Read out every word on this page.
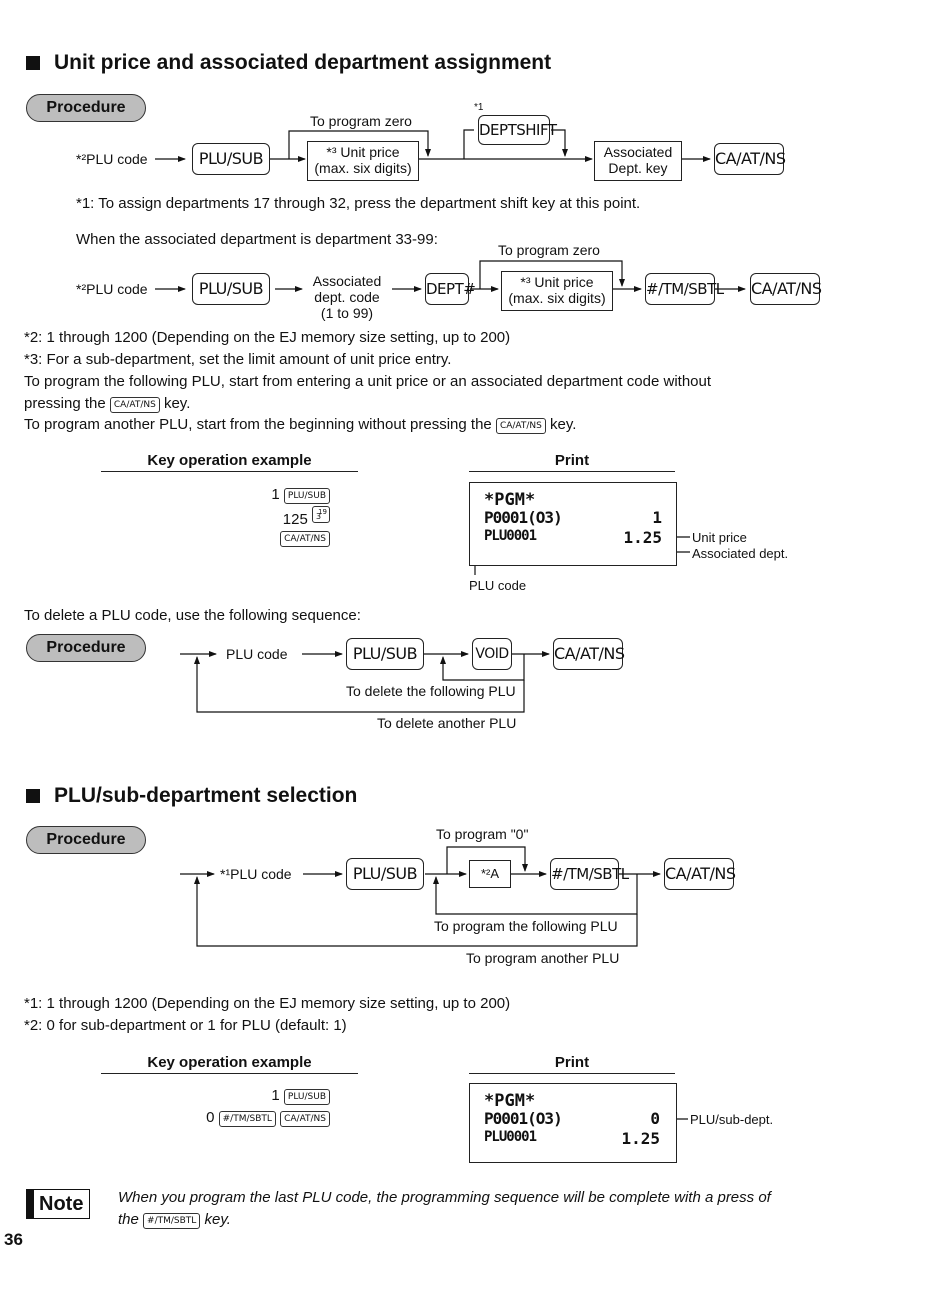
Unit price and associated department assignment
Procedure
*²PLU code	PLU/SUB
To program zero
*³ Unit price
(max. six digits)
*1
DEPTSHIFT
Associated
Dept. key	CA/AT/NS
*1: To assign departments 17 through 32, press the department shift key at this point.
When the associated department is department 33-99:
*²PLU code	PLU/SUB	Associated
dept. code
(1 to 99)
DEPT#
To program zero
*³ Unit price
(max. six digits)	#/TM/SBTL CA/AT/NS
*2: 1 through 1200 (Depending on the EJ memory size setting, up to 200)
*3: For a sub-department, set the limit amount of unit price entry.
To program the following PLU, start from entering a unit price or an associated department code without
pressing the CA/AT/NS key.
To program another PLU, start from the beginning without pressing the CA/AT/NS key.
Key operation example	Print
1 PLU/SUB
125 19
3
CA/AT/NS
*PGM*
P0001(O3)	1
PLU0001	1.25 Unit price
Associated dept.
PLU code
To delete a PLU code, use the following sequence:
Procedure	PLU code	PLU/SUB	VOID	CA/AT/NS
To delete the following PLU
To delete another PLU
PLU/sub-department selection
Procedure
*¹PLU code	PLU/SUB
To program "0"
*²A	#/TM/SBTL CA/AT/NS
To program the following PLU
To program another PLU
*1: 1 through 1200 (Depending on the EJ memory size setting, up to 200)
*2: 0 for sub-department or 1 for PLU (default: 1)
Key operation example	Print
1 PLU/SUB
0 #/TM/SBTL CA/AT/NS
*PGM*
P0001(O3)	0
PLU0001	1.25
PLU/sub-dept.
Note	When you program the last PLU code, the programming sequence will be complete with a press of
the #/TM/SBTL key.
36
